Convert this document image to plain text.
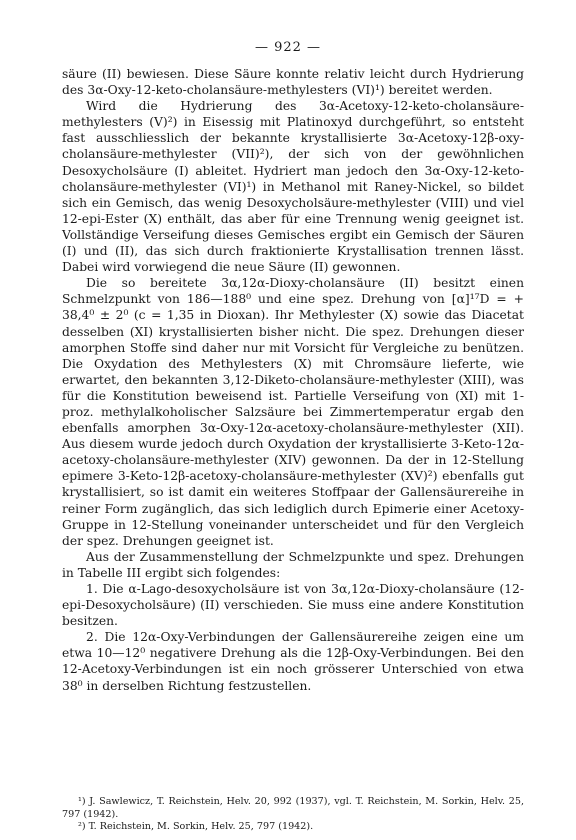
— 922 —

säure (II) bewiesen. Diese Säure konnte relativ leicht durch Hydrierung des 3α-Oxy-12-keto-cholansäure-methylesters (VI)¹) bereitet werden.

Wird die Hydrierung des 3α-Acetoxy-12-keto-cholansäure-methylesters (V)²) in Eisessig mit Platinoxyd durchgeführt, so entsteht fast ausschliesslich der bekannte krystallisierte 3α-Acetoxy-12β-oxy-cholansäure-methylester (VII)²), der sich von der gewöhnlichen Desoxycholsäure (I) ableitet. Hydriert man jedoch den 3α-Oxy-12-keto-cholansäure-methylester (VI)¹) in Methanol mit Raney-Nickel, so bildet sich ein Gemisch, das wenig Desoxycholsäure-methylester (VIII) und viel 12-epi-Ester (X) enthält, das aber für eine Trennung wenig geeignet ist. Vollständige Verseifung dieses Gemisches ergibt ein Gemisch der Säuren (I) und (II), das sich durch fraktionierte Krystallisation trennen lässt. Dabei wird vorwiegend die neue Säure (II) gewonnen.

Die so bereitete 3α,12α-Dioxy-cholansäure (II) besitzt einen Schmelzpunkt von 186—188⁰ und eine spez. Drehung von [α]¹⁷D = + 38,4⁰ ± 2⁰ (c = 1,35 in Dioxan). Ihr Methylester (X) sowie das Diacetat desselben (XI) krystallisierten bisher nicht. Die spez. Drehungen dieser amorphen Stoffe sind daher nur mit Vorsicht für Vergleiche zu benützen. Die Oxydation des Methylesters (X) mit Chromsäure lieferte, wie erwartet, den bekannten 3,12-Diketo-cholansäure-methylester (XIII), was für die Konstitution beweisend ist. Partielle Verseifung von (XI) mit 1-proz. methylalkoholischer Salzsäure bei Zimmertemperatur ergab den ebenfalls amorphen 3α-Oxy-12α-acetoxy-cholansäure-methylester (XII). Aus diesem wurde jedoch durch Oxydation der krystallisierte 3-Keto-12α-acetoxy-cholansäure-methylester (XIV) gewonnen. Da der in 12-Stellung epimere 3-Keto-12β-acetoxy-cholansäure-methylester (XV)²) ebenfalls gut krystallisiert, so ist damit ein weiteres Stoffpaar der Gallensäurereihe in reiner Form zugänglich, das sich lediglich durch Epimerie einer Acetoxy-Gruppe in 12-Stellung voneinander unterscheidet und für den Vergleich der spez. Drehungen geeignet ist.

Aus der Zusammenstellung der Schmelzpunkte und spez. Drehungen in Tabelle III ergibt sich folgendes:

1. Die α-Lago-desoxycholsäure ist von 3α,12α-Dioxy-cholansäure (12-epi-Desoxycholsäure) (II) verschieden. Sie muss eine andere Konstitution besitzen.

2. Die 12α-Oxy-Verbindungen der Gallensäurereihe zeigen eine um etwa 10—12⁰ negativere Drehung als die 12β-Oxy-Verbindungen. Bei den 12-Acetoxy-Verbindungen ist ein noch grösserer Unterschied von etwa 38⁰ in derselben Richtung festzustellen.

¹) J. Sawlewicz, T. Reichstein, Helv. 20, 992 (1937), vgl. T. Reichstein, M. Sorkin, Helv. 25, 797 (1942).

²) T. Reichstein, M. Sorkin, Helv. 25, 797 (1942).
